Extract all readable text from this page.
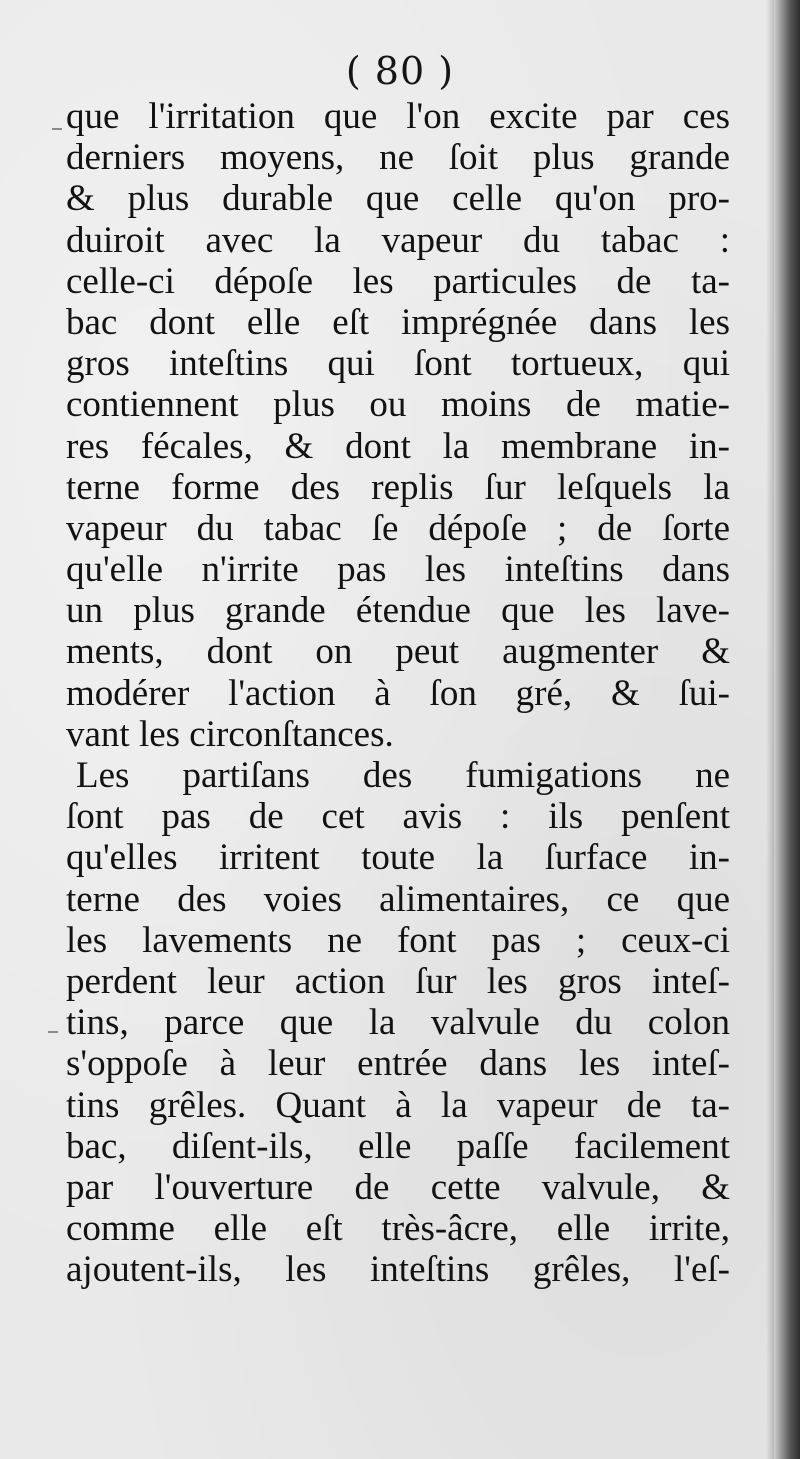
( 80 )
que l'irritation que l'on excite par ces
derniers moyens, ne ſoit plus grande
& plus durable que celle qu'on pro-
duiroit avec la vapeur du tabac :
celle-ci dépoſe les particules de ta-
bac dont elle eſt imprégnée dans les
gros inteſtins qui ſont tortueux, qui
contiennent plus ou moins de matie-
res fécales, & dont la membrane in-
terne forme des replis ſur leſquels la
vapeur du tabac ſe dépoſe ; de ſorte
qu'elle n'irrite pas les inteſtins dans
un plus grande étendue que les lave-
ments, dont on peut augmenter &
modérer l'action à ſon gré, & ſui-
vant les circonſtances.
Les partiſans des fumigations ne
ſont pas de cet avis : ils penſent
qu'elles irritent toute la ſurface in-
terne des voies alimentaires, ce que
les lavements ne font pas ; ceux-ci
perdent leur action ſur les gros inteſ-
tins, parce que la valvule du colon
s'oppoſe à leur entrée dans les inteſ-
tins grêles. Quant à la vapeur de ta-
bac, diſent-ils, elle paſſe facilement
par l'ouverture de cette valvule, &
comme elle eſt très-âcre, elle irrite,
ajoutent-ils, les inteſtins grêles, l'eſ-
